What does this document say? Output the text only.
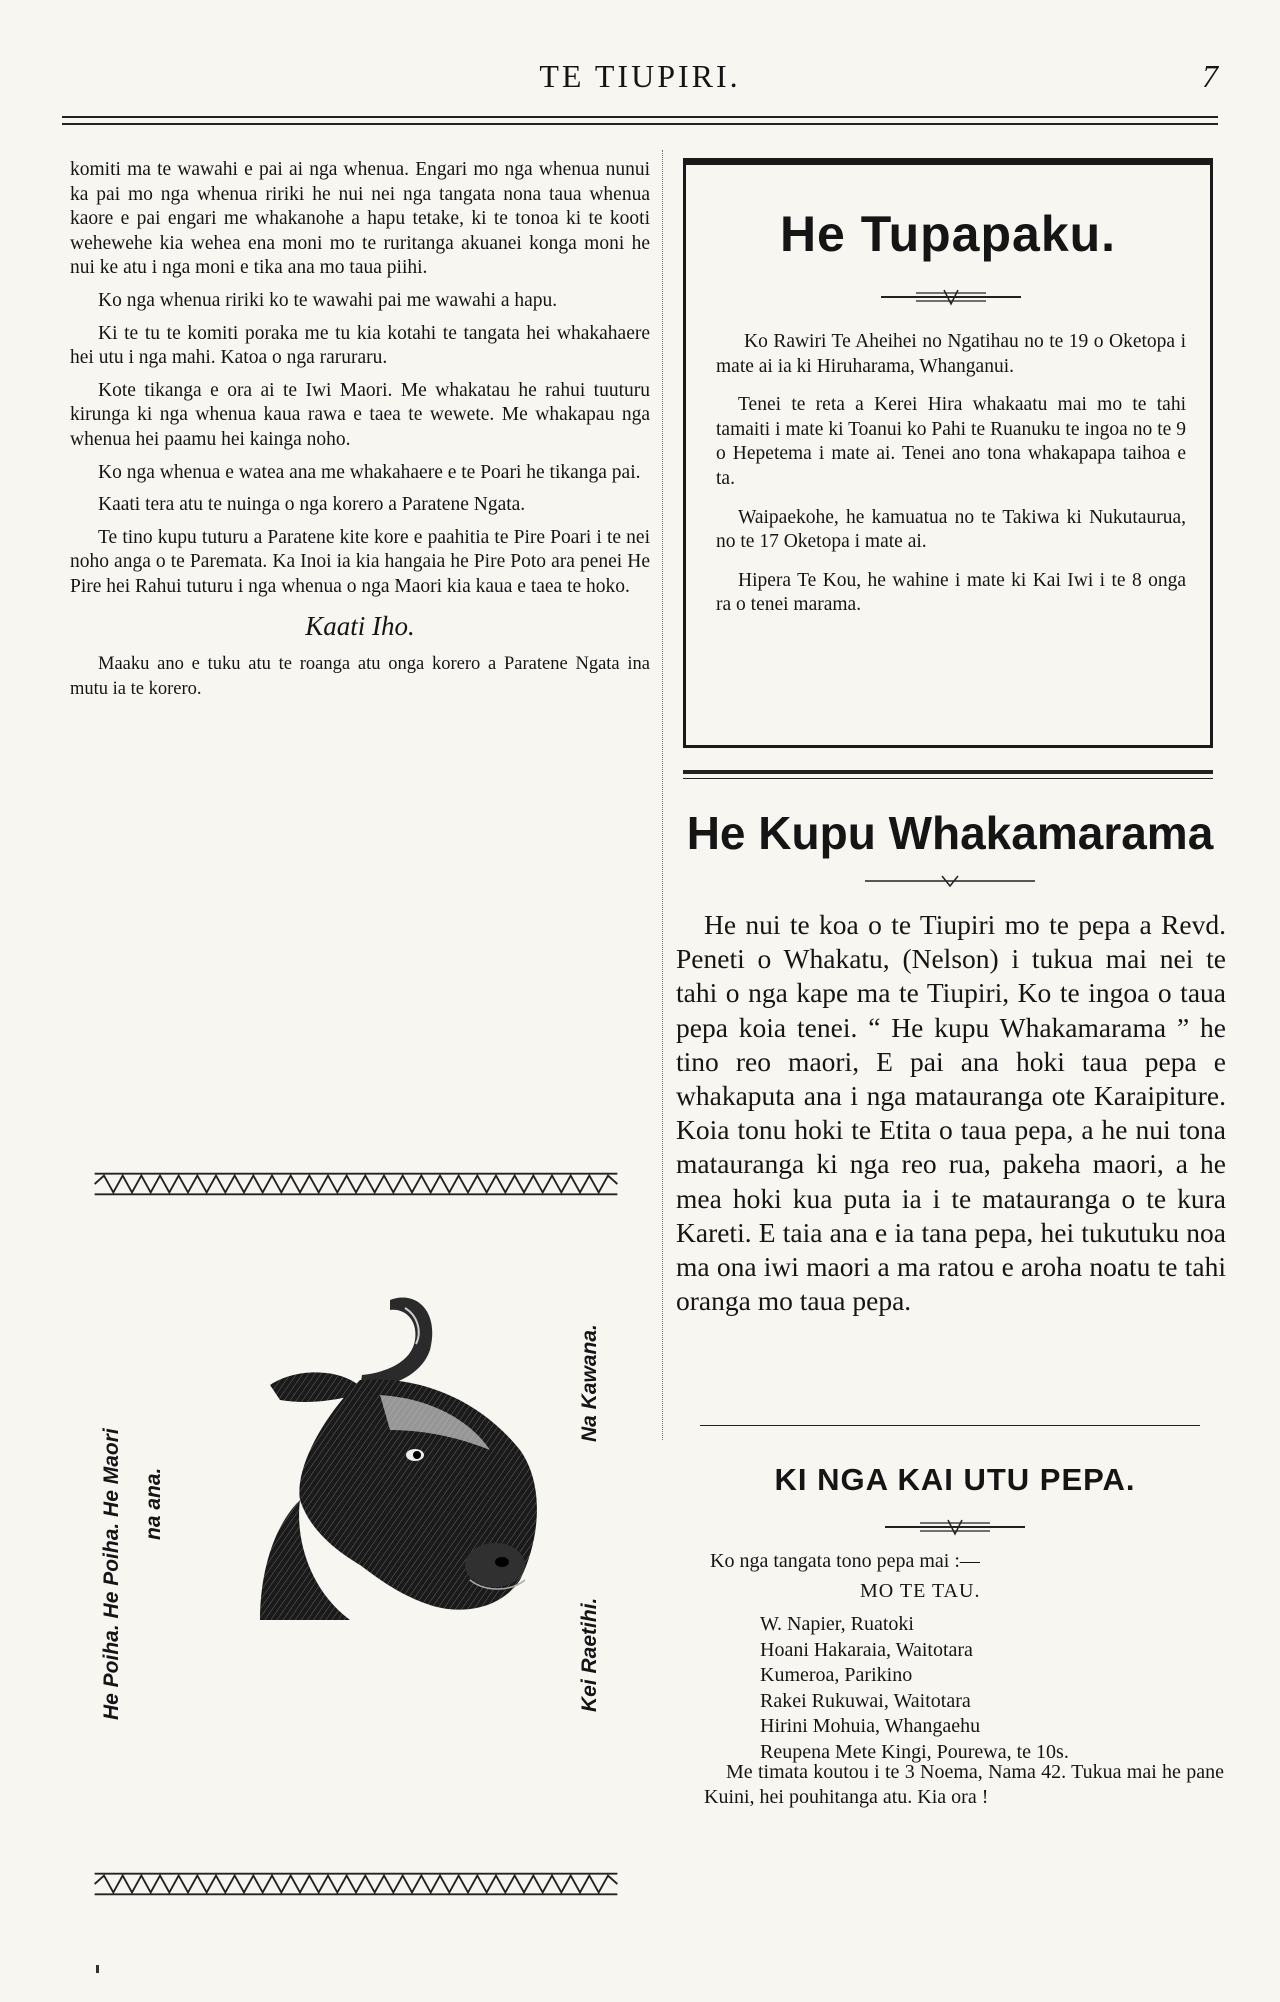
TE TIUPIRI.	7

komiti ma te wawahi e pai ai nga whenua. Engari mo nga whenua nunui ka pai mo nga whenua ririki he nui nei nga tangata nona taua whenua kaore e pai engari me whakanohe a hapu tetake, ki te tonoa ki te kooti wehewehe kia wehea ena moni mo te ruritanga akuanei konga moni he nui ke atu i nga moni e tika ana mo taua piihi.

Ko nga whenua ririki ko te wawahi pai me wawahi a hapu.

Ki te tu te komiti poraka me tu kia kotahi te tangata hei whakahaere hei utu i nga mahi. Katoa o nga raruraru.

Kote tikanga e ora ai te Iwi Maori. Me whakatau he rahui tuuturu kirunga ki nga whenua kaua rawa e taea te wewete. Me whakapau nga whenua hei paamu hei kainga noho.

Ko nga whenua e watea ana me whakahaere e te Poari he tikanga pai.

Kaati tera atu te nuinga o nga korero a Paratene Ngata.

Te tino kupu tuturu a Paratene kite kore e paahitia te Pire Poari i te nei noho anga o te Paremata. Ka Inoi ia kia hangaia he Pire Poto ara penei He Pire hei Rahui tuturu i nga whenua o nga Maori kia kaua e taea te hoko.

Kaati Iho.

Maaku ano e tuku atu te roanga atu onga korero a Paratene Ngata ina mutu ia te korero.

He Tupapaku.

Ko Rawiri Te Aheihei no Ngatihau no te 19 o Oketopa i mate ai ia ki Hiruharama, Whanganui.

Tenei te reta a Kerei Hira whakaatu mai mo te tahi tamaiti i mate ki Toanui ko Pahi te Ruanuku te ingoa no te 9 o Hepetema i mate ai. Tenei ano tona whakapapa taihoa e ta.

Waipaekohe, he kamuatua no te Takiwa ki Nukutaurua, no te 17 Oketopa i mate ai.

Hipera Te Kou, he wahine i mate ki Kai Iwi i te 8 onga ra o tenei marama.

He Kupu Whakamarama

He nui te koa o te Tiupiri mo te pepa a Revd. Peneti o Whakatu, (Nelson) i tukua mai nei te tahi o nga kape ma te Tiupiri, Ko te ingoa o taua pepa koia tenei. “ He kupu Whakamarama ” he tino reo maori, E pai ana hoki taua pepa e whakaputa ana i nga matauranga ote Karaipiture. Koia tonu hoki te Etita o taua pepa, a he nui tona matauranga ki nga reo rua, pakeha maori, a he mea hoki kua puta ia i te matauranga o te kura Kareti. E taia ana e ia tana pepa, hei tukutuku noa ma ona iwi maori a ma ratou e aroha noatu te tahi oranga mo taua pepa.

KI NGA KAI UTU PEPA.
Ko nga tangata tono pepa mai :—
MO TE TAU.
W. Napier, Ruatoki
Hoani Hakaraia, Waitotara
Kumeroa, Parikino
Rakei Rukuwai, Waitotara
Hirini Mohuia, Whangaehu
Reupena Mete Kingi, Pourewa, te 10s.

Me timata koutou i te 3 Noema, Nama 42. Tukua mai he pane Kuini, hei pouhitanga atu. Kia ora !

He Poiha. He Poiha. He Maori na ana.
Na Kawana.
Kei Raetihi.
